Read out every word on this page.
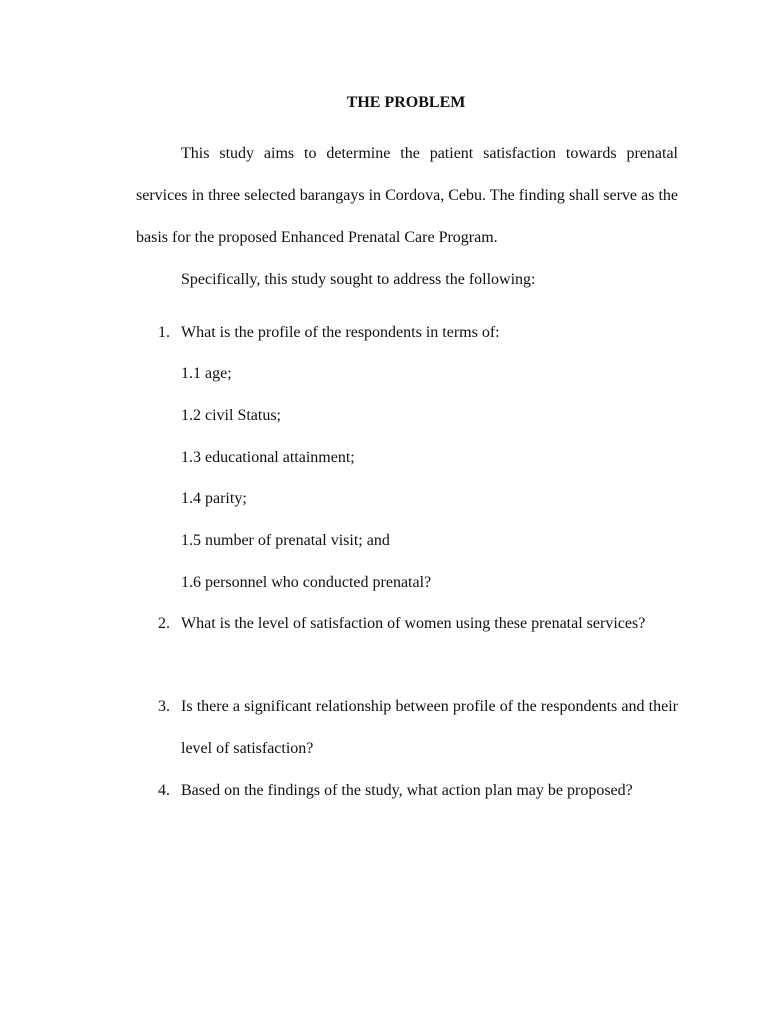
THE PROBLEM

This study aims to determine the patient satisfaction towards prenatal services in three selected barangays in Cordova, Cebu. The finding shall serve as the basis for the proposed Enhanced Prenatal Care Program.

Specifically, this study sought to address the following:

1. What is the profile of the respondents in terms of:

1.1 age;

1.2 civil Status;

1.3 educational attainment;

1.4 parity;

1.5 number of prenatal visit; and

1.6 personnel who conducted prenatal?

2. What is the level of satisfaction of women using these prenatal services?
3. Is there a significant relationship between profile of the respondents and their level of satisfaction?
4. Based on the findings of the study, what action plan may be proposed?
